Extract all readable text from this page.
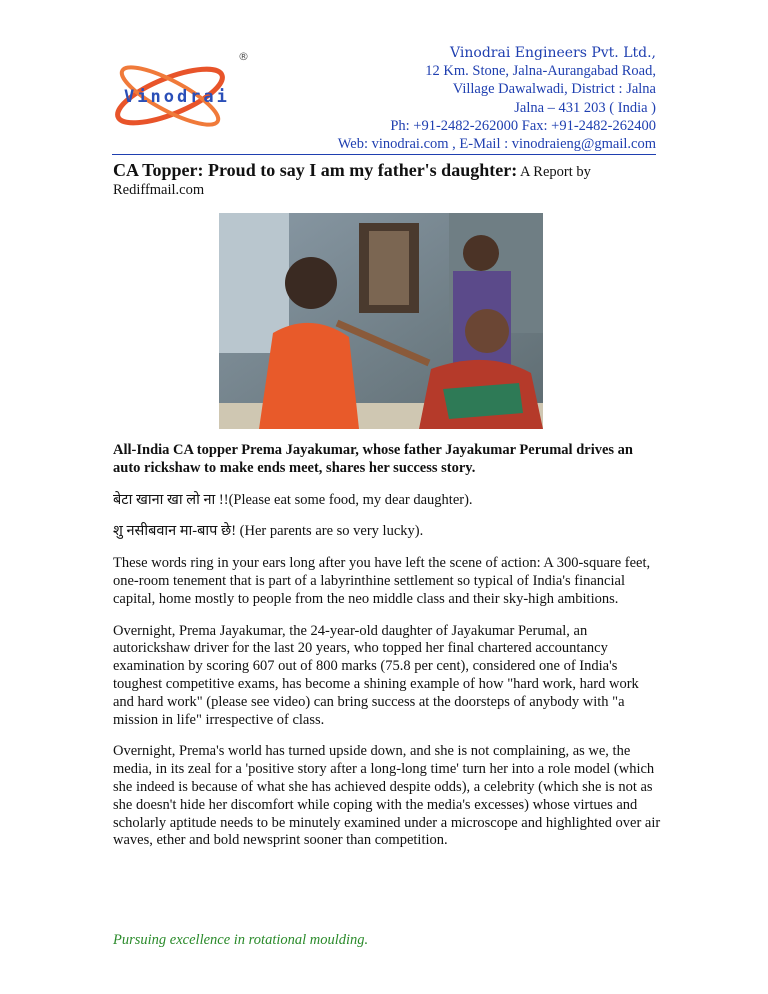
Vinodrai
®	Vinodrai Engineers Pvt. Ltd.,
12 Km. Stone, Jalna-Aurangabad Road,
Village Dawalwadi, District : Jalna
Jalna – 431 203 ( India )
Ph: +91-2482-262000 Fax: +91-2482-262400
Web: vinodrai.com , E-Mail : vinodraieng@gmail.com

CA Topper: Proud to say I am my father's daughter: A Report by Rediffmail.com

All-India CA topper Prema Jayakumar, whose father Jayakumar Perumal drives an auto rickshaw to make ends meet, shares her success story.

बेटा खाना खा लो ना !!(Please eat some food, my dear daughter).

शु नसीबवान मा-बाप छे! (Her parents are so very lucky).

These words ring in your ears long after you have left the scene of action: A 300-square feet, one-room tenement that is part of a labyrinthine settlement so typical of India's financial capital, home mostly to people from the neo middle class and their sky-high ambitions.

Overnight, Prema Jayakumar, the 24-year-old daughter of Jayakumar Perumal, an autorickshaw driver for the last 20 years, who topped her final chartered accountancy examination by scoring 607 out of 800 marks (75.8 per cent), considered one of India's toughest competitive exams, has become a shining example of how "hard work, hard work and hard work" (please see video) can bring success at the doorsteps of anybody with "a mission in life" irrespective of class.

Overnight, Prema's world has turned upside down, and she is not complaining, as we, the media, in its zeal for a 'positive story after a long-long time' turn her into a role model (which she indeed is because of what she has achieved despite odds), a celebrity (which she is not as she doesn't hide her discomfort while coping with the media's excesses) whose virtues and scholarly aptitude needs to be minutely examined under a microscope and highlighted over air waves, ether and bold newsprint sooner than competition.

Pursuing excellence in rotational moulding.
